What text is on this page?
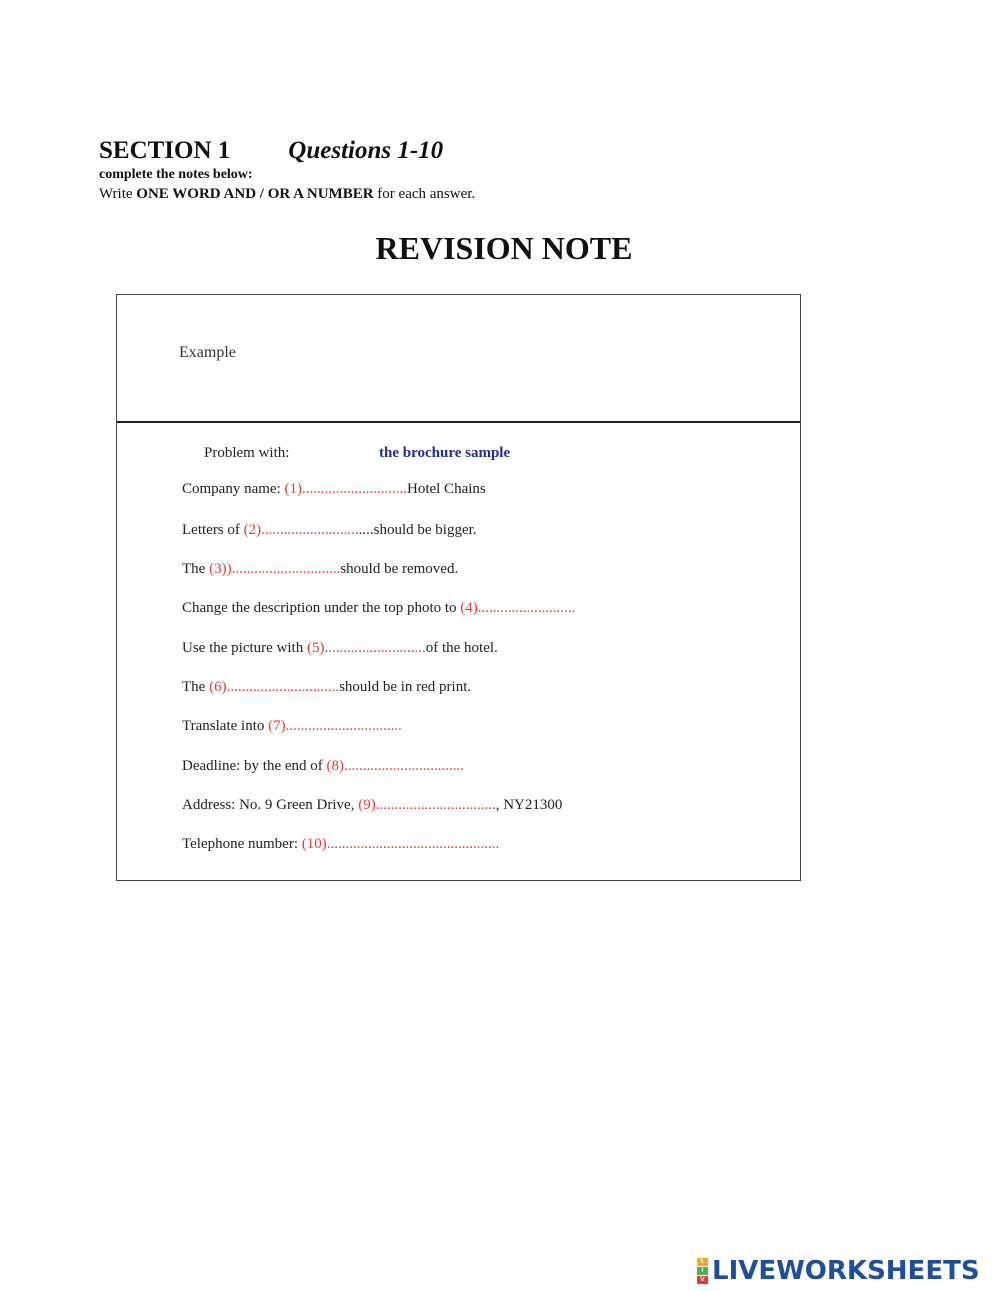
SECTION 1 Questions 1-10
complete the notes below:
Write ONE WORD AND / OR A NUMBER for each answer.
REVISION NOTE
Example
Problem with:	the brochure sample
Company name: (1)............................Hotel Chains
Letters of (2)..............................should be bigger.
The (3)).............................should be removed.
Change the description under the top photo to (4)..........................
Use the picture with (5)...........................of the hotel.
The (6)..............................should be in red print.
Translate into (7)...............................
Deadline: by the end of (8)................................
Address: No. 9 Green Drive, (9)................................, NY21300
Telephone number: (10)..............................................
L
I
V LIVEWORKSHEETS
